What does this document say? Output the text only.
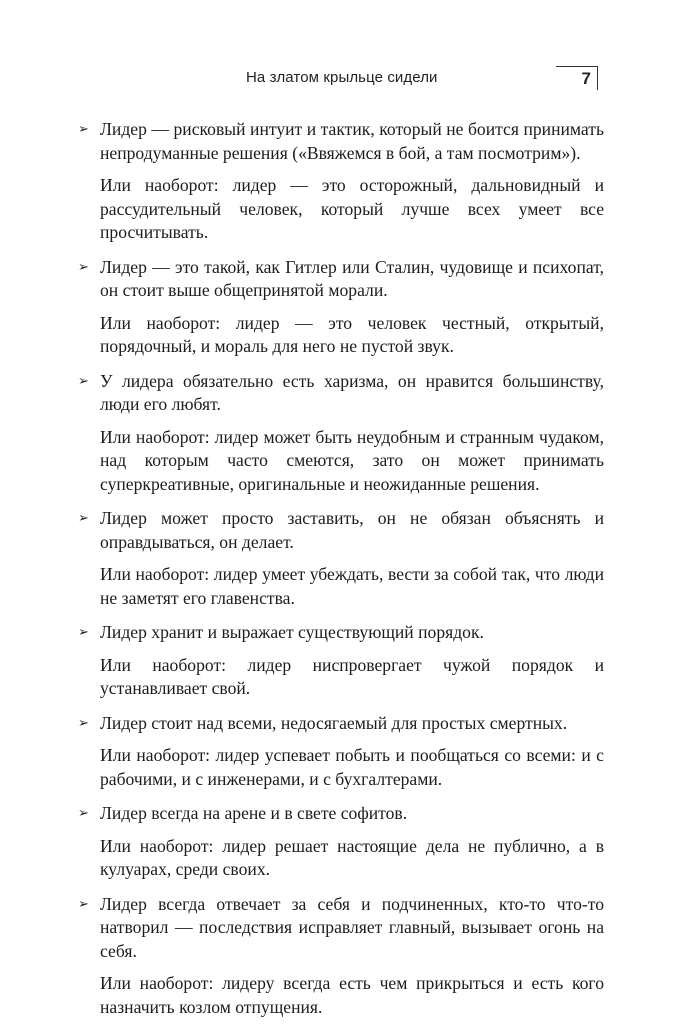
На златом крыльце сидели	7
➢ Лидер — рисковый интуит и тактик, который не боится принимать непродуманные решения («Ввяжемся в бой, а там посмотрим»).

Или наоборот: лидер — это осторожный, дальновидный и рассудительный человек, который лучше всех умеет все просчитывать.

➢ Лидер — это такой, как Гитлер или Сталин, чудовище и психопат, он стоит выше общепринятой морали.

Или наоборот: лидер — это человек честный, открытый, порядочный, и мораль для него не пустой звук.

➢ У лидера обязательно есть харизма, он нравится большинству, люди его любят.

Или наоборот: лидер может быть неудобным и странным чудаком, над которым часто смеются, зато он может принимать суперкреативные, оригинальные и неожиданные решения.

➢ Лидер может просто заставить, он не обязан объяснять и оправдываться, он делает.

Или наоборот: лидер умеет убеждать, вести за собой так, что люди не заметят его главенства.

➢ Лидер хранит и выражает существующий порядок.

Или наоборот: лидер ниспровергает чужой порядок и устанавливает свой.

➢ Лидер стоит над всеми, недосягаемый для простых смертных.

Или наоборот: лидер успевает побыть и пообщаться со всеми: и с рабочими, и с инженерами, и с бухгалтерами.

➢ Лидер всегда на арене и в свете софитов.

Или наоборот: лидер решает настоящие дела не публично, а в кулуарах, среди своих.

➢ Лидер всегда отвечает за себя и подчиненных, кто-то что-то натворил — последствия исправляет главный, вызывает огонь на себя.

Или наоборот: лидеру всегда есть чем прикрыться и есть кого назначить козлом отпущения.
